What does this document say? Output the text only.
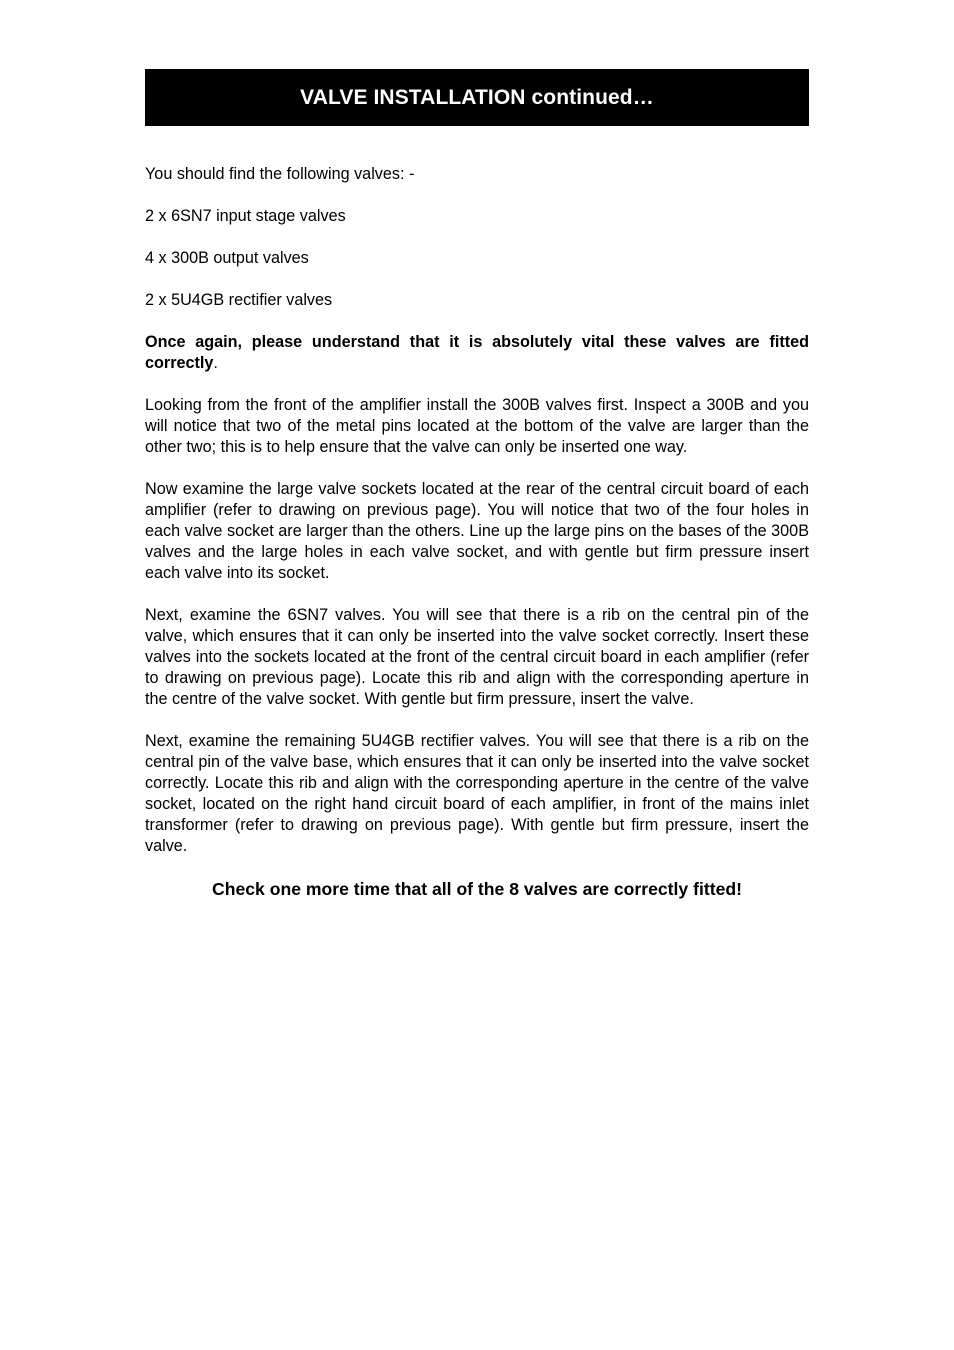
VALVE INSTALLATION continued…

You should find the following valves: -

2 x 6SN7 input stage valves

4 x 300B output valves

2 x 5U4GB rectifier valves

Once again, please understand that it is absolutely vital these valves are fitted correctly.

Looking from the front of the amplifier install the 300B valves first. Inspect a 300B and you will notice that two of the metal pins located at the bottom of the valve are larger than the other two; this is to help ensure that the valve can only be inserted one way.

Now examine the large valve sockets located at the rear of the central circuit board of each amplifier (refer to drawing on previous page). You will notice that two of the four holes in each valve socket are larger than the others. Line up the large pins on the bases of the 300B valves and the large holes in each valve socket, and with gentle but firm pressure insert each valve into its socket.

Next, examine the 6SN7 valves. You will see that there is a rib on the central pin of the valve, which ensures that it can only be inserted into the valve socket correctly. Insert these valves into the sockets located at the front of the central circuit board in each amplifier (refer to drawing on previous page). Locate this rib and align with the corresponding aperture in the centre of the valve socket. With gentle but firm pressure, insert the valve.

Next, examine the remaining 5U4GB rectifier valves. You will see that there is a rib on the central pin of the valve base, which ensures that it can only be inserted into the valve socket correctly. Locate this rib and align with the corresponding aperture in the centre of the valve socket, located on the right hand circuit board of each amplifier, in front of the mains inlet transformer (refer to drawing on previous page). With gentle but firm pressure, insert the valve.

Check one more time that all of the 8 valves are correctly fitted!
